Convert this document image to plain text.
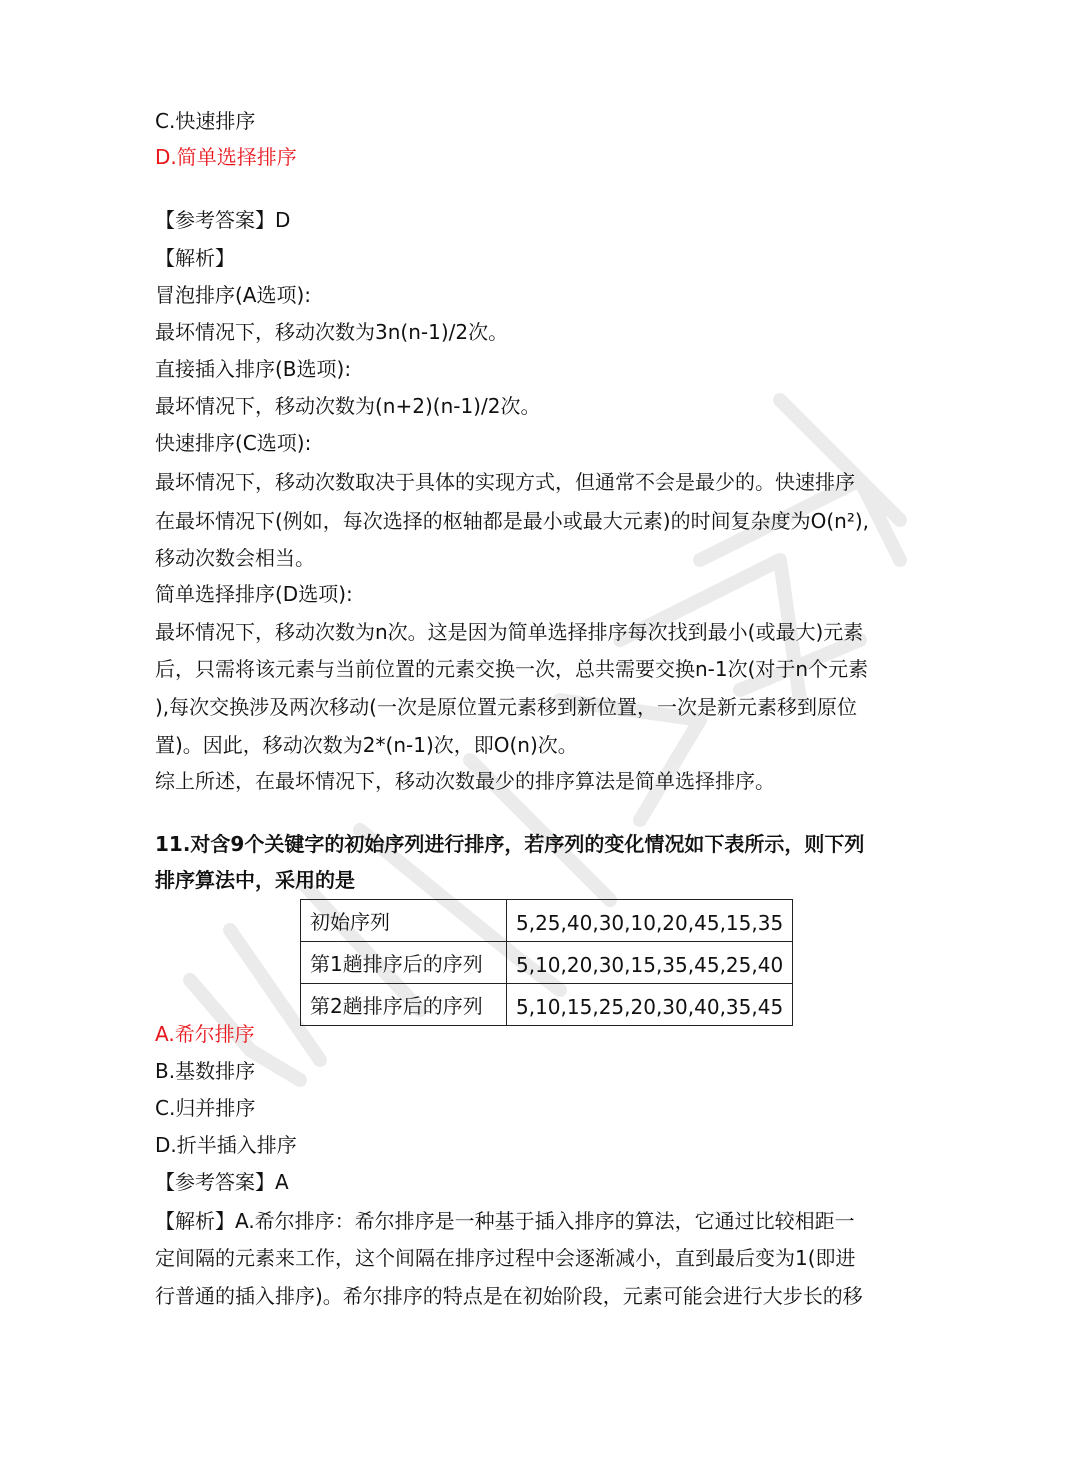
C.快速排序
D.简单选择排序
【参考答案】D
【解析】
冒泡排序(A选项):
最坏情况下，移动次数为3n(n-1)/2次。
直接插入排序(B选项):
最坏情况下，移动次数为(n+2)(n-1)/2次。
快速排序(C选项):
最坏情况下，移动次数取决于具体的实现方式，但通常不会是最少的。快速排序
在最坏情况下(例如，每次选择的枢轴都是最小或最大元素)的时间复杂度为O(n²),
移动次数会相当。
简单选择排序(D选项):
最坏情况下，移动次数为n次。这是因为简单选择排序每次找到最小(或最大)元素
后，只需将该元素与当前位置的元素交换一次，总共需要交换n-1次(对于n个元素
),每次交换涉及两次移动(一次是原位置元素移到新位置，一次是新元素移到原位
置)。因此，移动次数为2*(n-1)次，即O(n)次。
综上所述，在最坏情况下，移动次数最少的排序算法是简单选择排序。
11.对含9个关键字的初始序列进行排序，若序列的变化情况如下表所示，则下列
排序算法中，采用的是
初始序列	5,25,40,30,10,20,45,15,35
第1趟排序后的序列	5,10,20,30,15,35,45,25,40
第2趟排序后的序列	5,10,15,25,20,30,40,35,45
A.希尔排序
B.基数排序
C.归并排序
D.折半插入排序
【参考答案】A
【解析】A.希尔排序：希尔排序是一种基于插入排序的算法，它通过比较相距一
定间隔的元素来工作，这个间隔在排序过程中会逐渐减小，直到最后变为1(即进
行普通的插入排序)。希尔排序的特点是在初始阶段，元素可能会进行大步长的移
